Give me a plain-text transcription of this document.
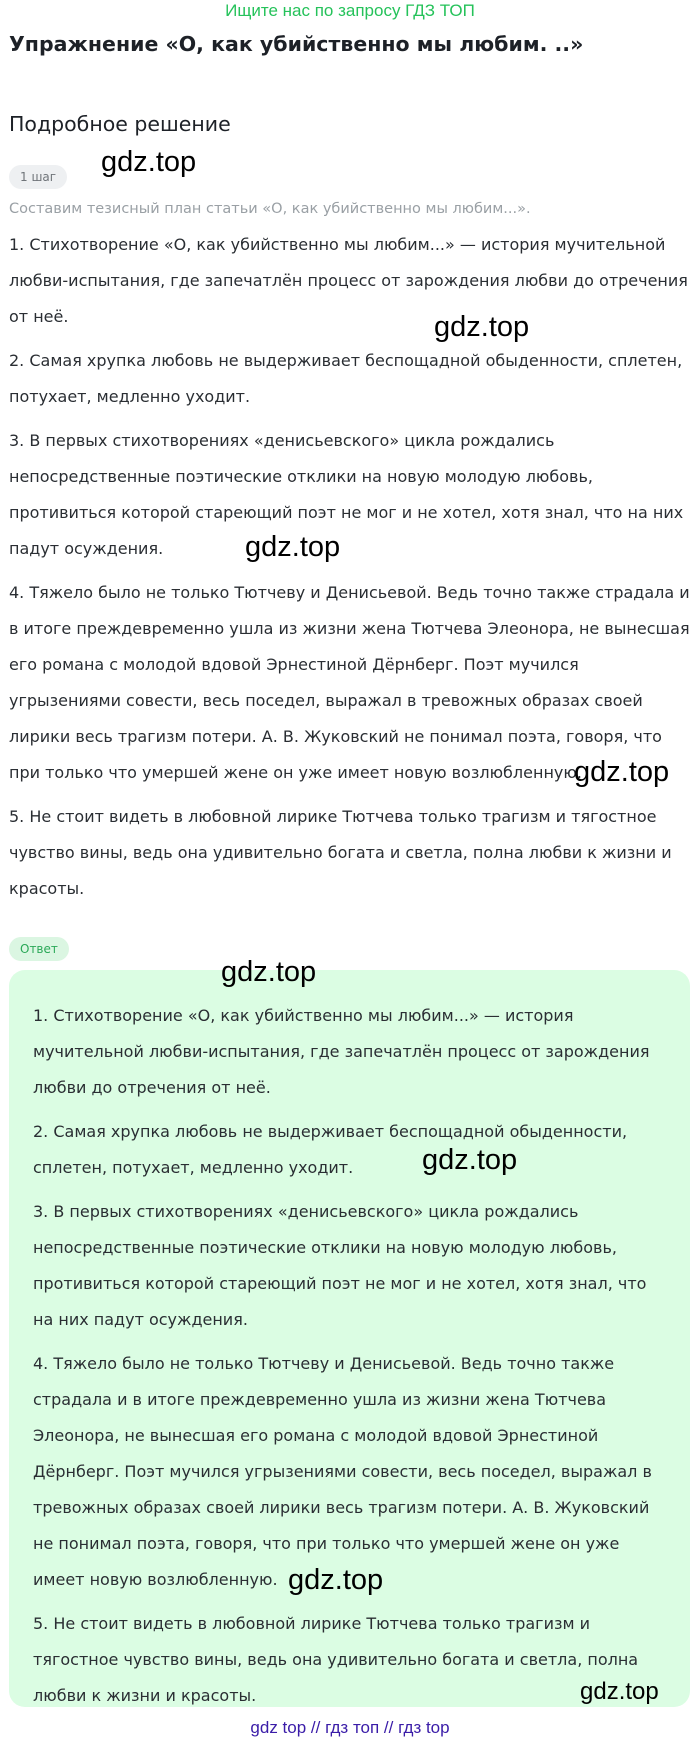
Ищите нас по запросу ГДЗ ТОП
Упражнение «О, как убийственно мы любим. ..»
Подробное решение
1 шаг
Составим тезисный план статьи «О, как убийственно мы любим...».

1. Стихотворение «О, как убийственно мы любим...» — история мучительной любви-испытания, где запечатлён процесс от зарождения любви до отречения от неё.

2. Самая хрупка любовь не выдерживает беспощадной обыденности, сплетен, потухает, медленно уходит.

3. В первых стихотворениях «денисьевского» цикла рождались непосредственные поэтические отклики на новую молодую любовь, противиться которой стареющий поэт не мог и не хотел, хотя знал, что на них падут осуждения.

4. Тяжело было не только Тютчеву и Денисьевой. Ведь точно также страдала и в итоге преждевременно ушла из жизни жена Тютчева Элеонора, не вынесшая его романа с молодой вдовой Эрнестиной Дёрнберг. Поэт мучился угрызениями совести, весь поседел, выражал в тревожных образах своей лирики весь трагизм потери. А. В. Жуковский не понимал поэта, говоря, что при только что умершей жене он уже имеет новую возлюбленную.

5. Не стоит видеть в любовной лирике Тютчева только трагизм и тягостное чувство вины, ведь она удивительно богата и светла, полна любви к жизни и красоты.

Ответ

1. Стихотворение «О, как убийственно мы любим...» — история мучительной любви-испытания, где запечатлён процесс от зарождения любви до отречения от неё.

2. Самая хрупка любовь не выдерживает беспощадной обыденности, сплетен, потухает, медленно уходит.

3. В первых стихотворениях «денисьевского» цикла рождались непосредственные поэтические отклики на новую молодую любовь, противиться которой стареющий поэт не мог и не хотел, хотя знал, что на них падут осуждения.

4. Тяжело было не только Тютчеву и Денисьевой. Ведь точно также страдала и в итоге преждевременно ушла из жизни жена Тютчева Элеонора, не вынесшая его романа с молодой вдовой Эрнестиной Дёрнберг. Поэт мучился угрызениями совести, весь поседел, выражал в тревожных образах своей лирики весь трагизм потери. А. В. Жуковский не понимал поэта, говоря, что при только что умершей жене он уже имеет новую возлюбленную.

5. Не стоит видеть в любовной лирике Тютчева только трагизм и тягостное чувство вины, ведь она удивительно богата и светла, полна любви к жизни и красоты.

gdz.top
gdz.top
gdz.top
gdz.top
gdz.top
gdz.top
gdz.top
gdz.top
gdz top // гдз топ // гдз top
